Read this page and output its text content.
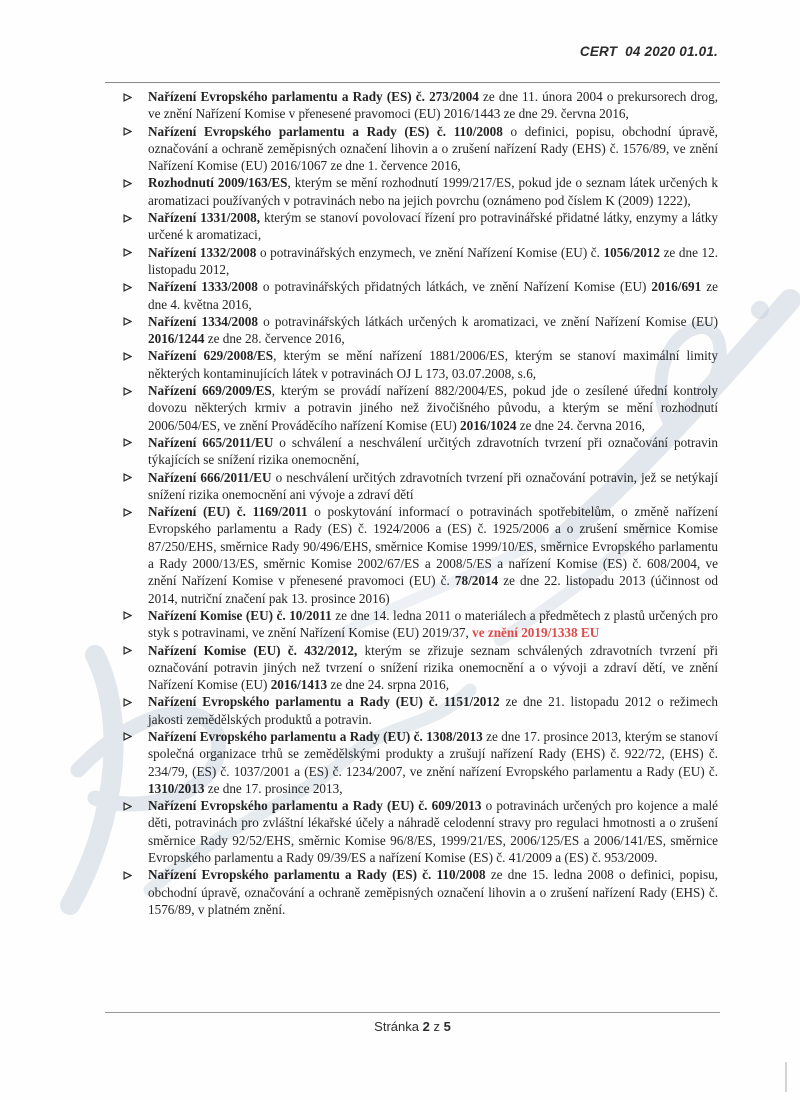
CERT  04 2020 01.01.
Nařízení Evropského parlamentu a Rady (ES) č. 273/2004 ze dne 11. února 2004 o prekursorech drog, ve znění Nařízení Komise v přenesené pravomoci (EU) 2016/1443 ze dne 29. června 2016,
Nařízení Evropského parlamentu a Rady (ES) č. 110/2008 o definici, popisu, obchodní úpravě, označování a ochraně zeměpisných označení lihovin a o zrušení nařízení Rady (EHS) č. 1576/89, ve znění Nařízení Komise (EU) 2016/1067 ze dne 1. července 2016,
Rozhodnutí 2009/163/ES, kterým se mění rozhodnutí 1999/217/ES, pokud jde o seznam látek určených k aromatizaci používaných v potravinách nebo na jejich povrchu (oznámeno pod číslem K (2009) 1222),
Nařízení 1331/2008, kterým se stanoví povolovací řízení pro potravinářské přidatné látky, enzymy a látky určené k aromatizaci,
Nařízení 1332/2008 o potravinářských enzymech, ve znění Nařízení Komise (EU) č. 1056/2012 ze dne 12. listopadu 2012,
Nařízení 1333/2008 o potravinářských přidatných látkách, ve znění Nařízení Komise (EU) 2016/691 ze dne 4. května 2016,
Nařízení 1334/2008 o potravinářských látkách určených k aromatizaci, ve znění Nařízení Komise (EU) 2016/1244 ze dne 28. července 2016,
Nařízení 629/2008/ES, kterým se mění nařízení 1881/2006/ES, kterým se stanoví maximální limity některých kontaminujících látek v potravinách OJ L 173, 03.07.2008, s.6,
Nařízení 669/2009/ES, kterým se provádí nařízení 882/2004/ES, pokud jde o zesílené úřední kontroly dovozu některých krmiv a potravin jiného než živočišného původu, a kterým se mění rozhodnutí 2006/504/ES, ve znění Prováděcího nařízení Komise (EU) 2016/1024 ze dne 24. června 2016,
Nařízení 665/2011/EU o schválení a neschválení určitých zdravotních tvrzení při označování potravin týkajících se snížení rizika onemocnění,
Nařízení 666/2011/EU o neschválení určitých zdravotních tvrzení při označování potravin, jež se netýkají snížení rizika onemocnění ani vývoje a zdraví dětí
Nařízení (EU) č. 1169/2011 o poskytování informací o potravinách spotřebitelům, o změně nařízení Evropského parlamentu a Rady (ES) č. 1924/2006 a (ES) č. 1925/2006 a o zrušení směrnice Komise 87/250/EHS, směrnice Rady 90/496/EHS, směrnice Komise 1999/10/ES, směrnice Evropského parlamentu a Rady 2000/13/ES, směrnic Komise 2002/67/ES a 2008/5/ES a nařízení Komise (ES) č. 608/2004, ve znění Nařízení Komise v přenesené pravomoci (EU) č. 78/2014 ze dne 22. listopadu 2013 (účinnost od 2014, nutriční značení pak 13. prosince 2016)
Nařízení Komise (EU) č. 10/2011 ze dne 14. ledna 2011 o materiálech a předmětech z plastů určených pro styk s potravinami, ve znění Nařízení Komise (EU) 2019/37, ve znění 2019/1338 EU
Nařízení Komise (EU) č. 432/2012, kterým se zřizuje seznam schválených zdravotních tvrzení při označování potravin jiných než tvrzení o snížení rizika onemocnění a o vývoji a zdraví dětí, ve znění Nařízení Komise (EU) 2016/1413 ze dne 24. srpna 2016,
Nařízení Evropského parlamentu a Rady (EU) č. 1151/2012 ze dne 21. listopadu 2012 o režimech jakosti zemědělských produktů a potravin.
Nařízení Evropského parlamentu a Rady (EU) č. 1308/2013 ze dne 17. prosince 2013, kterým se stanoví společná organizace trhů se zemědělskými produkty a zrušují nařízení Rady (EHS) č. 922/72, (EHS) č. 234/79, (ES) č. 1037/2001 a (ES) č. 1234/2007, ve znění nařízení Evropského parlamentu a Rady (EU) č. 1310/2013 ze dne 17. prosince 2013,
Nařízení Evropského parlamentu a Rady (EU) č. 609/2013 o potravinách určených pro kojence a malé děti, potravinách pro zvláštní lékařské účely a náhradě celodenní stravy pro regulaci hmotnosti a o zrušení směrnice Rady 92/52/EHS, směrnic Komise 96/8/ES, 1999/21/ES, 2006/125/ES a 2006/141/ES, směrnice Evropského parlamentu a Rady 09/39/ES a nařízení Komise (ES) č. 41/2009 a (ES) č. 953/2009.
Nařízení Evropského parlamentu a Rady (ES) č. 110/2008 ze dne 15. ledna 2008 o definici, popisu, obchodní úpravě, označování a ochraně zeměpisných označení lihovin a o zrušení nařízení Rady (EHS) č. 1576/89, v platném znění.
Stránka 2 z 5
